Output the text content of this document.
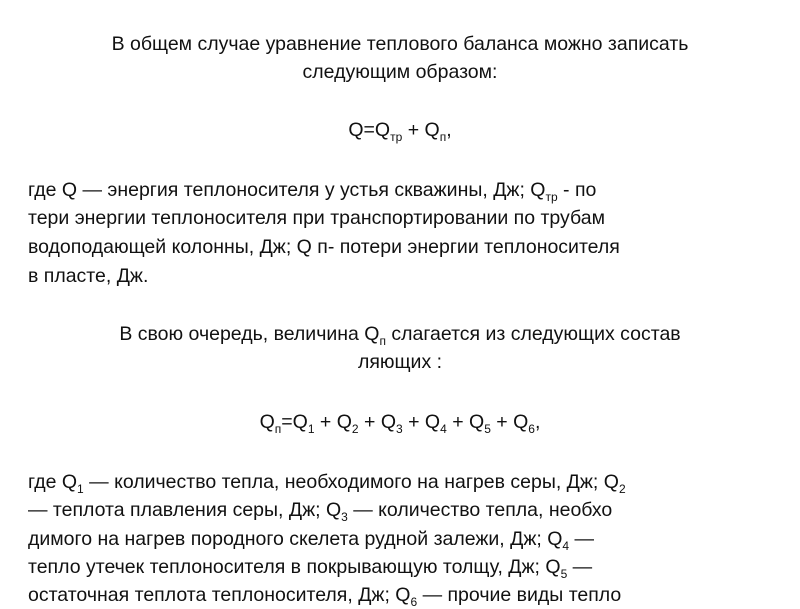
В общем случае уравнение теплового баланса можно записать
следующим образом:
$Q=Q_{тр} + Q_п$,
где Q — энергия теплоносителя у устья скважины, Дж; $Q_{тр}$ - по
тери энергии теплоносителя при транспортировании по трубам
водоподающей колонны, Дж; Q п- потери энергии теплоносителя
в пласте, Дж.
В свою очередь, величина $Q_п$ слагается из следующих состав
ляющих :
$Q_п=Q_1 + Q_2 + Q_3 + Q_4 + Q_5 + Q_6$,
где $Q_1$ — количество тепла, необходимого на нагрев серы, Дж; $Q_2$
— теплота плавления серы, Дж; $Q_3$ — количество тепла, необхо
димого на нагрев породного скелета рудной залежи, Дж; $Q_4$ —
тепло утечек теплоносителя в покрывающую толщу, Дж; $Q_5$ —
остаточная теплота теплоносителя, Дж; $Q_6$ — прочие виды тепло
